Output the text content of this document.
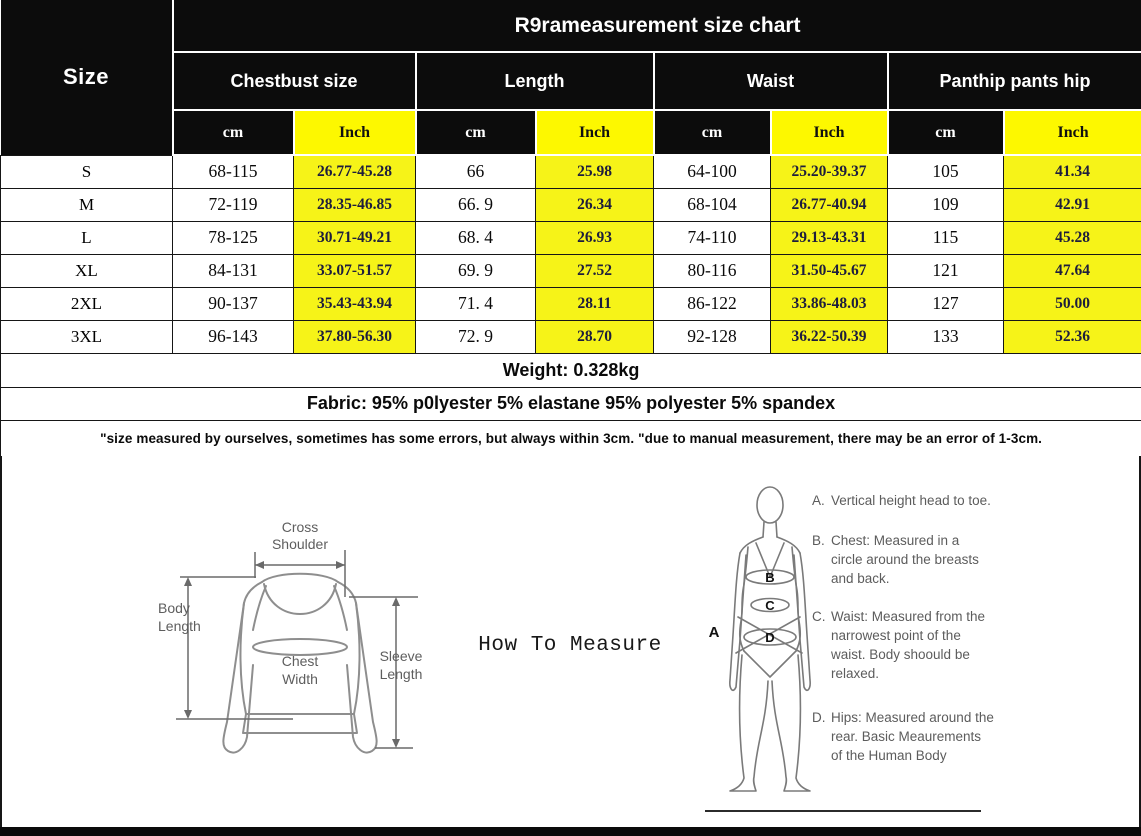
Size	R9rameasurement size chart							
	Chestbust size		Length		Waist		Panthip pants hip	
	cm	Inch	cm	Inch	cm	Inch	cm	Inch
S	68-115	26.77-45.28	66	25.98	64-100	25.20-39.37	105	41.34
M	72-119	28.35-46.85	66. 9	26.34	68-104	26.77-40.94	109	42.91
L	78-125	30.71-49.21	68. 4	26.93	74-110	29.13-43.31	115	45.28
XL	84-131	33.07-51.57	69. 9	27.52	80-116	31.50-45.67	121	47.64
2XL	90-137	35.43-43.94	71. 4	28.11	86-122	33.86-48.03	127	50.00
3XL	96-143	37.80-56.30	72. 9	28.70	92-128	36.22-50.39	133	52.36
Weight: 0.328kg								
Fabric: 95% p0lyester 5% elastane 95% polyester 5% spandex								
"size measured by ourselves, sometimes has some errors, but always within 3cm. "due to manual measurement, there may be an error of 1-3cm.								
Cross
Shoulder
Body
Length
Chest
Width
Sleeve
Length
How To Measure
A
B
C
D

A. Vertical height head to toe.

B. Chest: Measured in a circle around the breasts and back.

C. Waist: Measured from the narrowest point of the waist. Body shoould be relaxed.

D. Hips: Measured around the rear. Basic Meaurements of the Human Body
